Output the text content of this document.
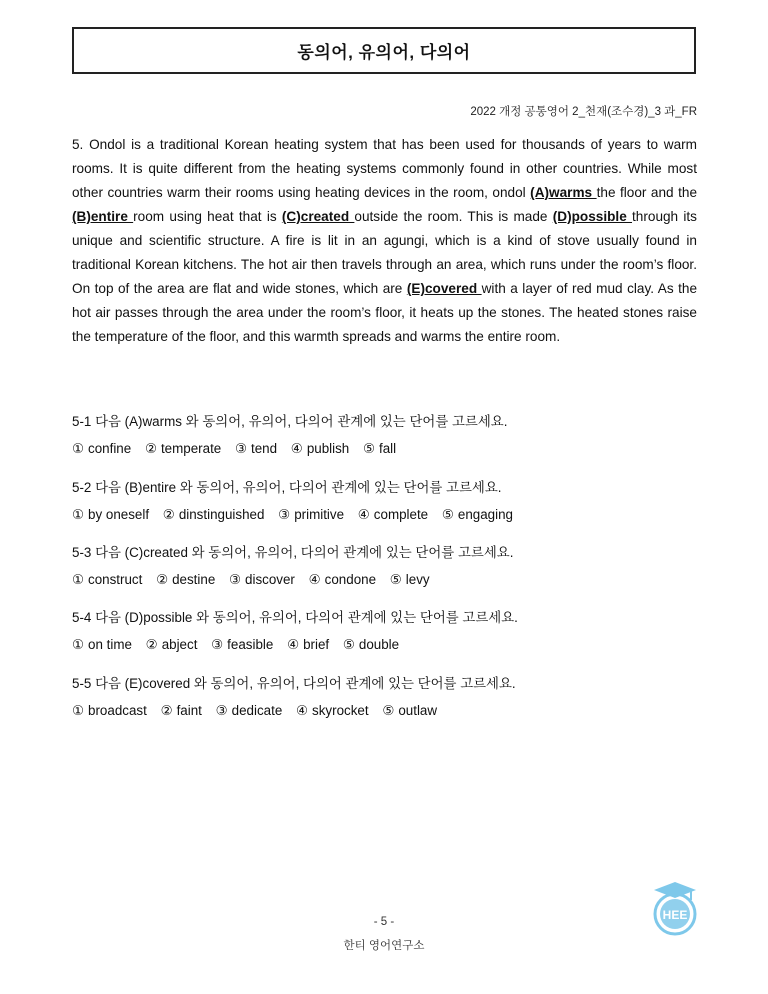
동의어, 유의어, 다의어
2022 개정 공통영어 2_천재(조수경)_3 과_FR
5. Ondol is a traditional Korean heating system that has been used for thousands of years to warm rooms. It is quite different from the heating systems commonly found in other countries. While most other countries warm their rooms using heating devices in the room, ondol (A)warms the floor and the (B)entire room using heat that is (C)created outside the room. This is made (D)possible through its unique and scientific structure. A fire is lit in an agungi, which is a kind of stove usually found in traditional Korean kitchens. The hot air then travels through an area, which runs under the room’s floor. On top of the area are flat and wide stones, which are (E)covered with a layer of red mud clay. As the hot air passes through the area under the room’s floor, it heats up the stones. The heated stones raise the temperature of the floor, and this warmth spreads and warms the entire room.
5-1 다음 (A)warms 와 동의어, 유의어, 다의어 관계에 있는 단어를 고르세요.
① confine ② temperate ③ tend ④ publish ⑤ fall
5-2 다음 (B)entire 와 동의어, 유의어, 다의어 관계에 있는 단어를 고르세요.
① by oneself ② dinstinguished ③ primitive ④ complete ⑤ engaging
5-3 다음 (C)created 와 동의어, 유의어, 다의어 관계에 있는 단어를 고르세요.
① construct ② destine ③ discover ④ condone ⑤ levy
5-4 다음 (D)possible 와 동의어, 유의어, 다의어 관계에 있는 단어를 고르세요.
① on time ② abject ③ feasible ④ brief ⑤ double
5-5 다음 (E)covered 와 동의어, 유의어, 다의어 관계에 있는 단어를 고르세요.
① broadcast ② faint ③ dedicate ④ skyrocket ⑤ outlaw
HEE
- 5 -
한티 영어연구소
